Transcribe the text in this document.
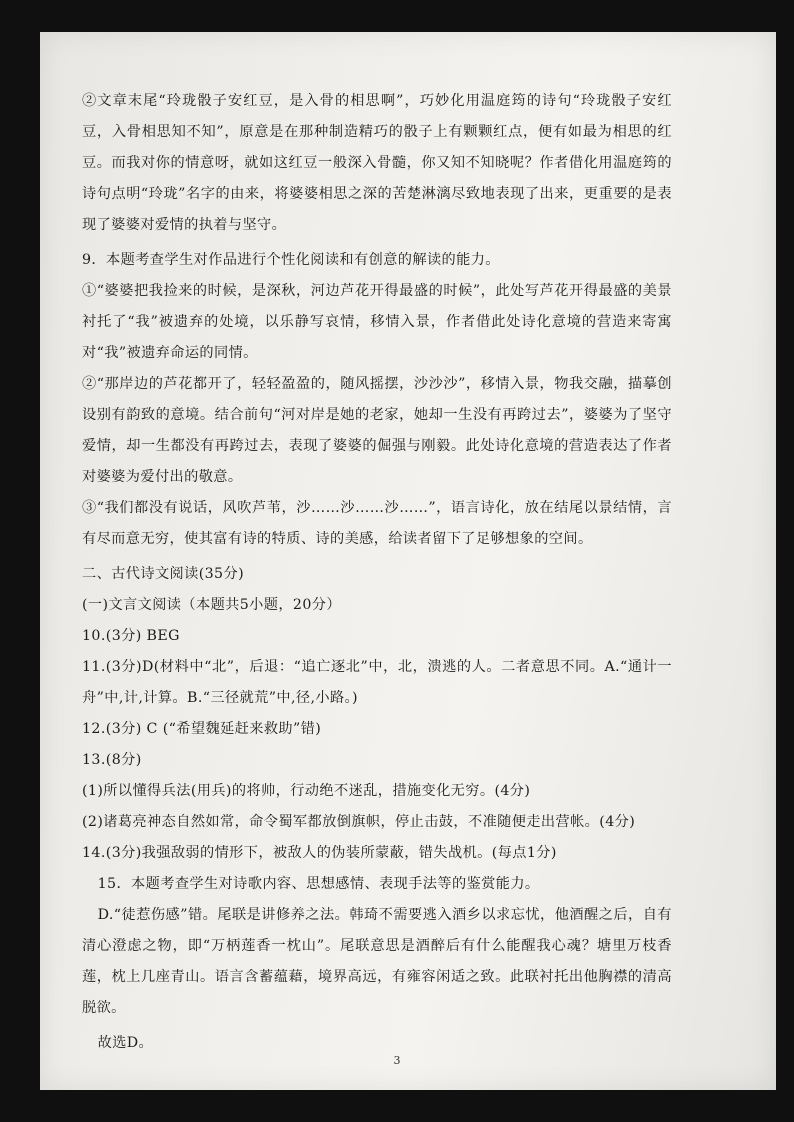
②文章末尾“玲珑骰子安红豆，是入骨的相思啊”，巧妙化用温庭筠的诗句“玲珑骰子安红豆，入骨相思知不知”，原意是在那种制造精巧的骰子上有颗颗红点，便有如最为相思的红豆。而我对你的情意呀，就如这红豆一般深入骨髓，你又知不知晓呢？作者借化用温庭筠的诗句点明“玲珑”名字的由来，将婆婆相思之深的苦楚淋漓尽致地表现了出来，更重要的是表现了婆婆对爱情的执着与坚守。

9．本题考查学生对作品进行个性化阅读和有创意的解读的能力。

①“婆婆把我捡来的时候，是深秋，河边芦花开得最盛的时候”，此处写芦花开得最盛的美景衬托了“我”被遗弃的处境，以乐静写哀情，移情入景，作者借此处诗化意境的营造来寄寓对“我”被遗弃命运的同情。

②“那岸边的芦花都开了，轻轻盈盈的，随风摇摆，沙沙沙”，移情入景，物我交融，描摹创设别有韵致的意境。结合前句“河对岸是她的老家，她却一生没有再跨过去”，婆婆为了坚守爱情，却一生都没有再跨过去，表现了婆婆的倔强与刚毅。此处诗化意境的营造表达了作者对婆婆为爱付出的敬意。

③“我们都没有说话，风吹芦苇，沙……沙……沙……”，语言诗化，放在结尾以景结情，言有尽而意无穷，使其富有诗的特质、诗的美感，给读者留下了足够想象的空间。

二、古代诗文阅读(35分)

(一)文言文阅读（本题共5小题，20分）

10.(3分) BEG

11.(3分)D(材料中“北”，后退：“追亡逐北”中，北，溃逃的人。二者意思不同。A.“通计一舟”中,计,计算。B.“三径就荒”中,径,小路。)

12.(3分) C (“希望魏延赶来救助”错)

13.(8分)

(1)所以懂得兵法(用兵)的将帅，行动绝不迷乱，措施变化无穷。(4分)

(2)诸葛亮神态自然如常，命令蜀军都放倒旗帜，停止击鼓，不准随便走出营帐。(4分)

14.(3分)我强敌弱的情形下，被敌人的伪装所蒙蔽，错失战机。(每点1分)

15．本题考查学生对诗歌内容、思想感情、表现手法等的鉴赏能力。

D.“徒惹伤感”错。尾联是讲修养之法。韩琦不需要逃入酒乡以求忘忧，他酒醒之后，自有清心澄虑之物，即“万柄莲香一枕山”。尾联意思是酒醉后有什么能醒我心魂？塘里万枝香莲，枕上几座青山。语言含蓄蕴藉，境界高远，有雍容闲适之致。此联衬托出他胸襟的清高脱欲。

故选D。

3
